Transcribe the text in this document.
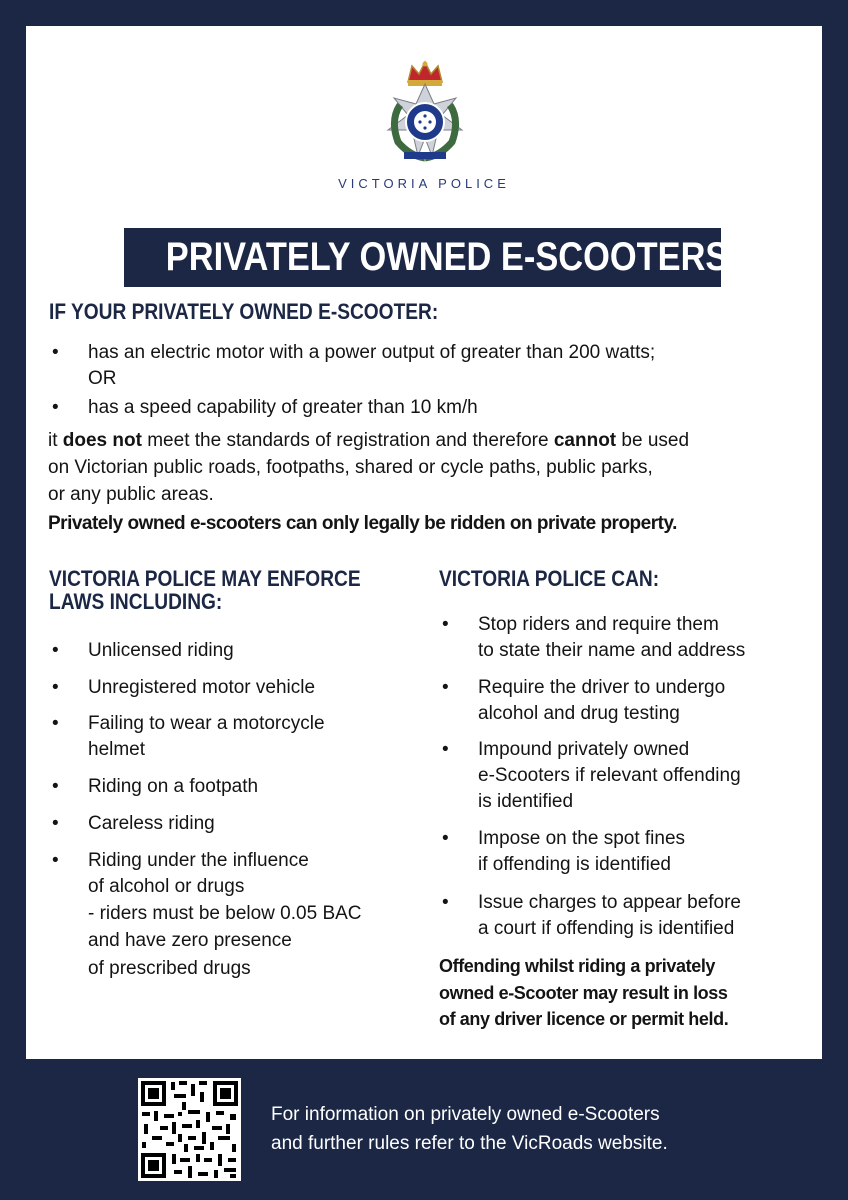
VICTORIA POLICE
PRIVATELY OWNED E-SCOOTERS
IF YOUR PRIVATELY OWNED E-SCOOTER:
• has an electric motor with a power output of greater than 200 watts;
OR
• has a speed capability of greater than 10 km/h
it does not meet the standards of registration and therefore cannot be used
on Victorian public roads, footpaths, shared or cycle paths, public parks,
or any public areas.
Privately owned e-scooters can only legally be ridden on private property.
VICTORIA POLICE MAY ENFORCE
LAWS INCLUDING:
• Unlicensed riding
• Unregistered motor vehicle
• Failing to wear a motorcycle
helmet
• Riding on a footpath
• Careless riding
• Riding under the influence
of alcohol or drugs
- riders must be below 0.05 BAC
and have zero presence
of prescribed drugs
VICTORIA POLICE CAN:
• Stop riders and require them
to state their name and address
• Require the driver to undergo
alcohol and drug testing
• Impound privately owned
e-Scooters if relevant offending
is identified
• Impose on the spot fines
if offending is identified
• Issue charges to appear before
a court if offending is identified
Offending whilst riding a privately
owned e-Scooter may result in loss
of any driver licence or permit held.
For information on privately owned e-Scooters
and further rules refer to the VicRoads website.
